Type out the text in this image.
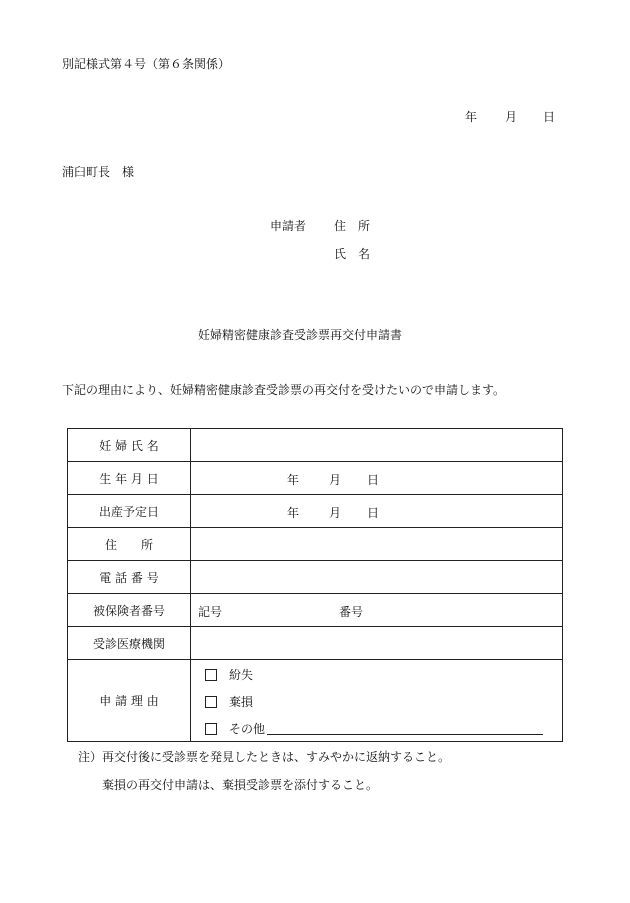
別記様式第４号（第６条関係）
年 月 日
浦臼町長　様
申請者 住　所
氏　名
妊婦精密健康診査受診票再交付申請書
下記の理由により、妊婦精密健康診査受診票の再交付を受けたいので申請します。
妊 婦 氏 名	
生 年 月 日	年 月 日

出産予定日	年 月 日

住　　所	
電 話 番 号	
被保険者番号	記号 番号

受診医療機関	
申 請 理 由	紛失
棄損
その他
注）再交付後に受診票を発見したときは、すみやかに返納すること。
棄損の再交付申請は、棄損受診票を添付すること。
